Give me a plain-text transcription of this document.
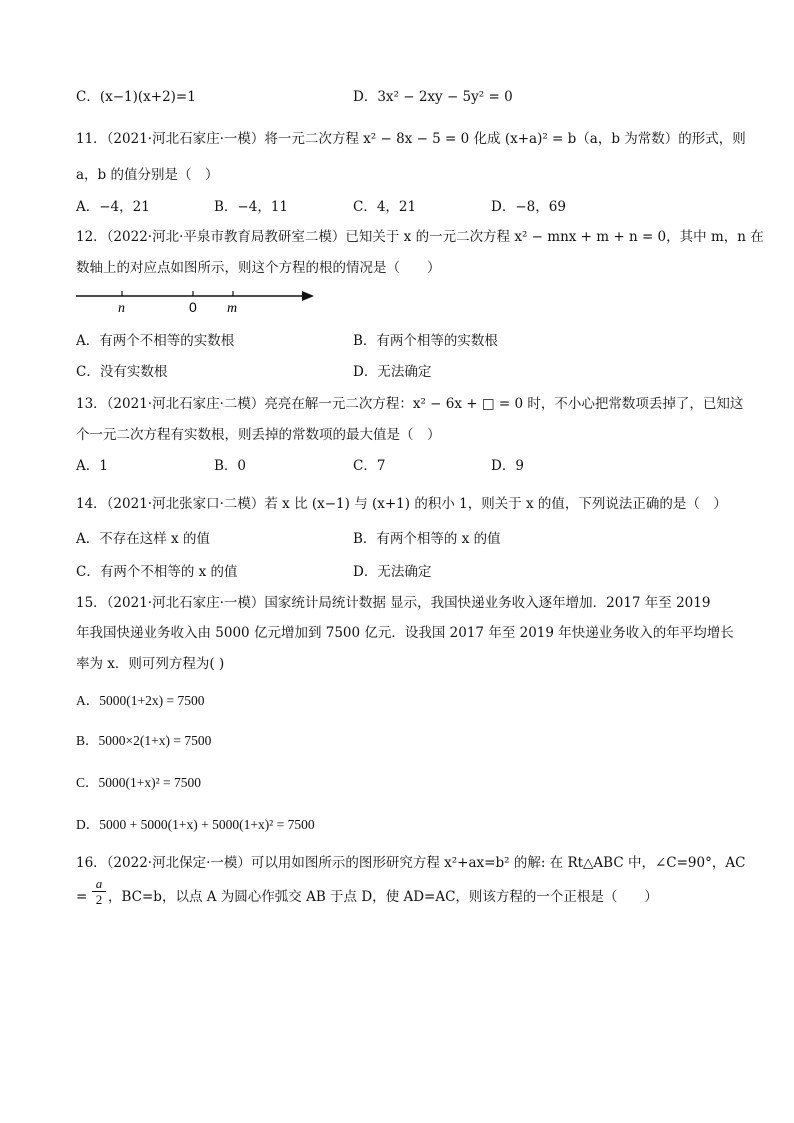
C．(x−1)(x+2)=1	D．3x² − 2xy − 5y² = 0
11．（2021·河北石家庄·一模）将一元二次方程 x² − 8x − 5 = 0 化成 (x+a)² = b（a，b 为常数）的形式，则
a，b 的值分别是（　）
A．−4，21	B．−4，11	C．4，21	D．−8，69
12．（2022·河北·平泉市教育局教研室二模）已知关于 x 的一元二次方程 x² − mnx + m + n = 0，其中 m，n 在
数轴上的对应点如图所示，则这个方程的根的情况是（　　）
n	0 m
A．有两个不相等的实数根	B．有两个相等的实数根
C．没有实数根	D．无法确定
13．（2021·河北石家庄·二模）亮亮在解一元二次方程：x² − 6x + □ = 0 时，不小心把常数项丢掉了，已知这
个一元二次方程有实数根，则丢掉的常数项的最大值是（　）
A．1	B．0	C．7	D．9
14．（2021·河北张家口·二模）若 x 比 (x−1) 与 (x+1) 的积小 1，则关于 x 的值，下列说法正确的是（　）
A．不存在这样 x 的值	B．有两个相等的 x 的值
C．有两个不相等的 x 的值	D．无法确定
15．（2021·河北石家庄·一模）国家统计局统计数据 显示，我国快递业务收入逐年增加．2017 年至 2019
年我国快递业务收入由 5000 亿元增加到 7500 亿元．设我国 2017 年至 2019 年快递业务收入的年平均增长
率为 x．则可列方程为( )
A．5000(1+2x) = 7500
B．5000×2(1+x) = 7500
C．5000(1+x)² = 7500
D．5000 + 5000(1+x) + 5000(1+x)² = 7500
16．（2022·河北保定·一模）可以用如图所示的图形研究方程 x²+ax=b² 的解: 在 Rt△ABC 中，∠C=90°，AC
= $\frac{a}{2}$ ，BC=b，以点 A 为圆心作弧交 AB 于点 D，使 AD=AC，则该方程的一个正根是（　　）
